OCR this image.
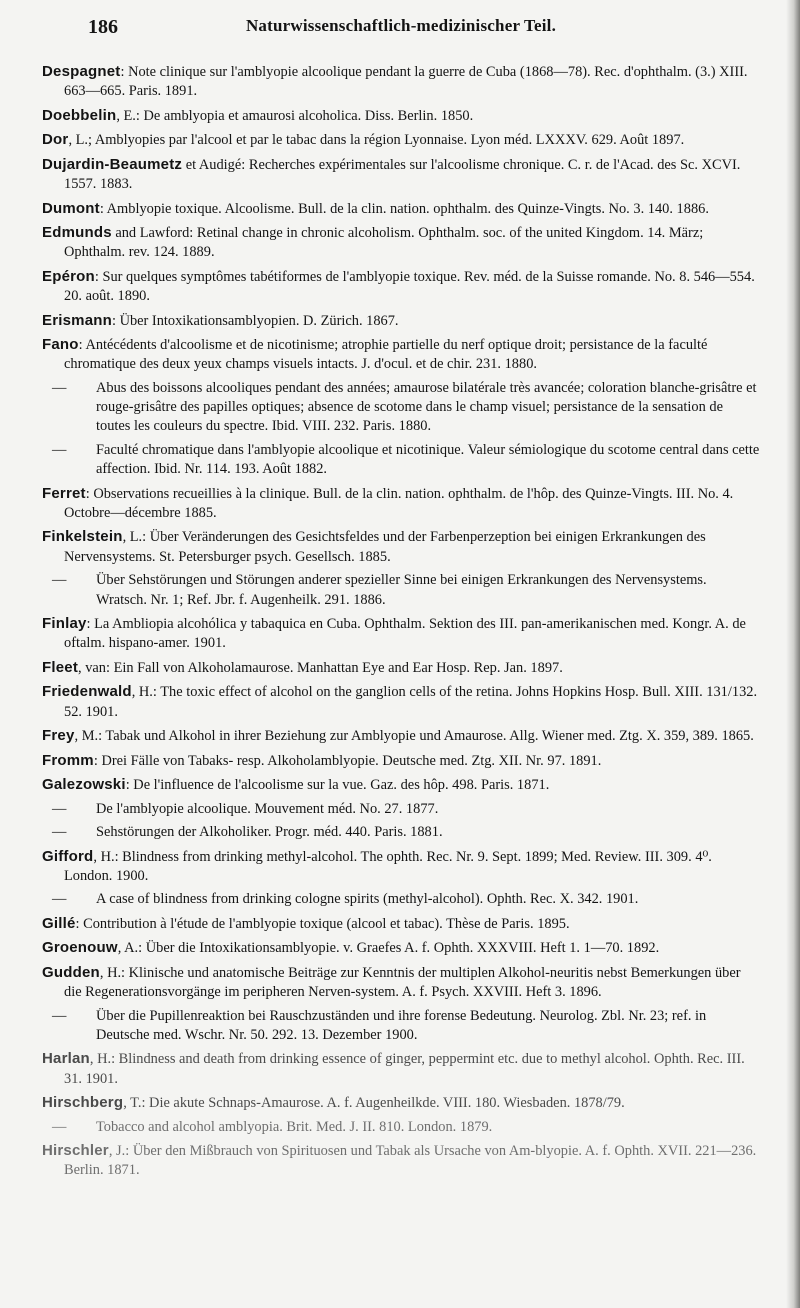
186	Naturwissenschaftlich-medizinischer Teil.

Despagnet: Note clinique sur l'amblyopie alcoolique pendant la guerre de Cuba (1868—78). Rec. d'ophthalm. (3.) XIII. 663—665. Paris. 1891.

Doebbelin, E.: De amblyopia et amaurosi alcoholica. Diss. Berlin. 1850.

Dor, L.; Amblyopies par l'alcool et par le tabac dans la région Lyonnaise. Lyon méd. LXXXV. 629. Août 1897.

Dujardin-Beaumetz et Audigé: Recherches expérimentales sur l'alcoolisme chronique. C. r. de l'Acad. des Sc. XCVI. 1557. 1883.

Dumont: Amblyopie toxique. Alcoolisme. Bull. de la clin. nation. ophthalm. des Quinze-Vingts. No. 3. 140. 1886.

Edmunds and Lawford: Retinal change in chronic alcoholism. Ophthalm. soc. of the united Kingdom. 14. März; Ophthalm. rev. 124. 1889.

Epéron: Sur quelques symptômes tabétiformes de l'amblyopie toxique. Rev. méd. de la Suisse romande. No. 8. 546—554. 20. août. 1890.

Erismann: Über Intoxikationsamblyopien. D. Zürich. 1867.

Fano: Antécédents d'alcoolisme et de nicotinisme; atrophie partielle du nerf optique droit; persistance de la faculté chromatique des deux yeux champs visuels intacts. J. d'ocul. et de chir. 231. 1880.

— Abus des boissons alcooliques pendant des années; amaurose bilatérale très avancée; coloration blanche-grisâtre et rouge-grisâtre des papilles optiques; absence de scotome dans le champ visuel; persistance de la sensation de toutes les couleurs du spectre. Ibid. VIII. 232. Paris. 1880.

— Faculté chromatique dans l'amblyopie alcoolique et nicotinique. Valeur sémiologique du scotome central dans cette affection. Ibid. Nr. 114. 193. Août 1882.

Ferret: Observations recueillies à la clinique. Bull. de la clin. nation. ophthalm. de l'hôp. des Quinze-Vingts. III. No. 4. Octobre—décembre 1885.

Finkelstein, L.: Über Veränderungen des Gesichtsfeldes und der Farbenperzeption bei einigen Erkrankungen des Nervensystems. St. Petersburger psych. Gesellsch. 1885.

— Über Sehstörungen und Störungen anderer spezieller Sinne bei einigen Erkrankungen des Nervensystems. Wratsch. Nr. 1; Ref. Jbr. f. Augenheilk. 291. 1886.

Finlay: La Ambliopia alcohólica y tabaquica en Cuba. Ophthalm. Sektion des III. pan-amerikanischen med. Kongr. A. de oftalm. hispano-amer. 1901.

Fleet, van: Ein Fall von Alkoholamaurose. Manhattan Eye and Ear Hosp. Rep. Jan. 1897.

Friedenwald, H.: The toxic effect of alcohol on the ganglion cells of the retina. Johns Hopkins Hosp. Bull. XIII. 131/132. 52. 1901.

Frey, M.: Tabak und Alkohol in ihrer Beziehung zur Amblyopie und Amaurose. Allg. Wiener med. Ztg. X. 359, 389. 1865.

Fromm: Drei Fälle von Tabaks- resp. Alkoholamblyopie. Deutsche med. Ztg. XII. Nr. 97. 1891.

Galezowski: De l'influence de l'alcoolisme sur la vue. Gaz. des hôp. 498. Paris. 1871.

— De l'amblyopie alcoolique. Mouvement méd. No. 27. 1877.

— Sehstörungen der Alkoholiker. Progr. méd. 440. Paris. 1881.

Gifford, H.: Blindness from drinking methyl-alcohol. The ophth. Rec. Nr. 9. Sept. 1899; Med. Review. III. 309. 4⁰. London. 1900.

— A case of blindness from drinking cologne spirits (methyl-alcohol). Ophth. Rec. X. 342. 1901.

Gillé: Contribution à l'étude de l'amblyopie toxique (alcool et tabac). Thèse de Paris. 1895.

Groenouw, A.: Über die Intoxikationsamblyopie. v. Graefes A. f. Ophth. XXXVIII. Heft 1. 1—70. 1892.

Gudden, H.: Klinische und anatomische Beiträge zur Kenntnis der multiplen Alkohol-neuritis nebst Bemerkungen über die Regenerationsvorgänge im peripheren Nerven-system. A. f. Psych. XXVIII. Heft 3. 1896.

— Über die Pupillenreaktion bei Rauschzuständen und ihre forense Bedeutung. Neurolog. Zbl. Nr. 23; ref. in Deutsche med. Wschr. Nr. 50. 292. 13. Dezember 1900.

Harlan, H.: Blindness and death from drinking essence of ginger, peppermint etc. due to methyl alcohol. Ophth. Rec. III. 31. 1901.

Hirschberg, T.: Die akute Schnaps-Amaurose. A. f. Augenheilkde. VIII. 180. Wiesbaden. 1878/79.

— Tobacco and alcohol amblyopia. Brit. Med. J. II. 810. London. 1879.

Hirschler, J.: Über den Mißbrauch von Spirituosen und Tabak als Ursache von Am-blyopie. A. f. Ophth. XVII. 221—236. Berlin. 1871.
